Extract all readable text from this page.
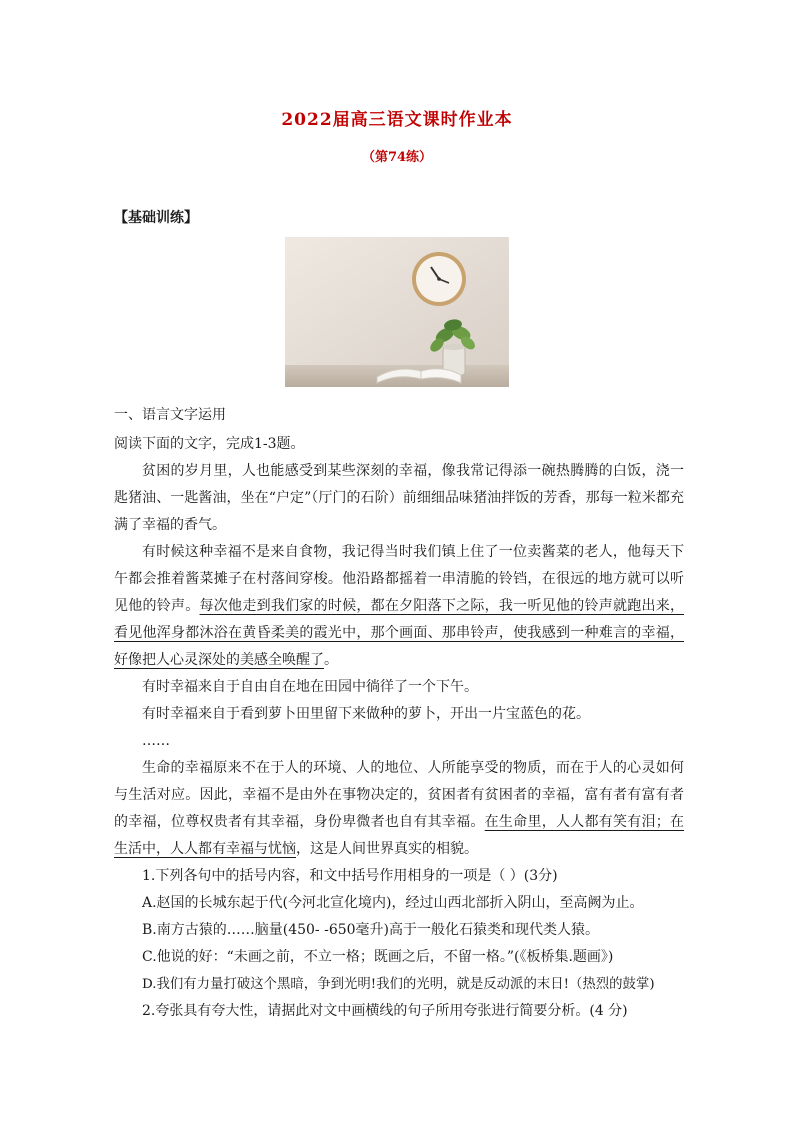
2022届高三语文课时作业本
（第74练）
【基础训练】
一、语言文字运用

阅读下面的文字，完成1-3题。

贫困的岁月里，人也能感受到某些深刻的幸福，像我常记得添一碗热腾腾的白饭，浇一匙猪油、一匙酱油，坐在“户定”（厅门的石阶）前细细品味猪油拌饭的芳香，那每一粒米都充满了幸福的香气。

有时候这种幸福不是来自食物，我记得当时我们镇上住了一位卖酱菜的老人，他每天下午都会推着酱菜摊子在村落间穿梭。他沿路都摇着一串清脆的铃铛，在很远的地方就可以听见他的铃声。每次他走到我们家的时候，都在夕阳落下之际，我一听见他的铃声就跑出来，看见他浑身都沐浴在黄昏柔美的霞光中，那个画面、那串铃声，使我感到一种难言的幸福，好像把人心灵深处的美感全唤醒了。

有时幸福来自于自由自在地在田园中徜徉了一个下午。

有时幸福来自于看到萝卜田里留下来做种的萝卜，开出一片宝蓝色的花。

……

生命的幸福原来不在于人的环境、人的地位、人所能享受的物质，而在于人的心灵如何与生活对应。因此，幸福不是由外在事物决定的，贫困者有贫困者的幸福，富有者有富有者的幸福，位尊权贵者有其幸福，身份卑微者也自有其幸福。在生命里，人人都有笑有泪；在生活中，人人都有幸福与忧恼，这是人间世界真实的相貌。

1.下列各句中的括号内容，和文中括号作用相身的一项是（ ）(3分)

A.赵国的长城东起于代(今河北宣化境内)，经过山西北部折入阴山，至高阙为止。

B.南方古猿的……脑量(450- -650毫升)高于一般化石猿类和现代类人猿。

C.他说的好：“未画之前，不立一格；既画之后，不留一格。”(《板桥集.题画》)

D.我们有力量打破这个黑暗，争到光明!我们的光明，就是反动派的末日!（热烈的鼓掌)

2.夸张具有夸大性，请据此对文中画横线的句子所用夸张进行简要分析。(4 分)
